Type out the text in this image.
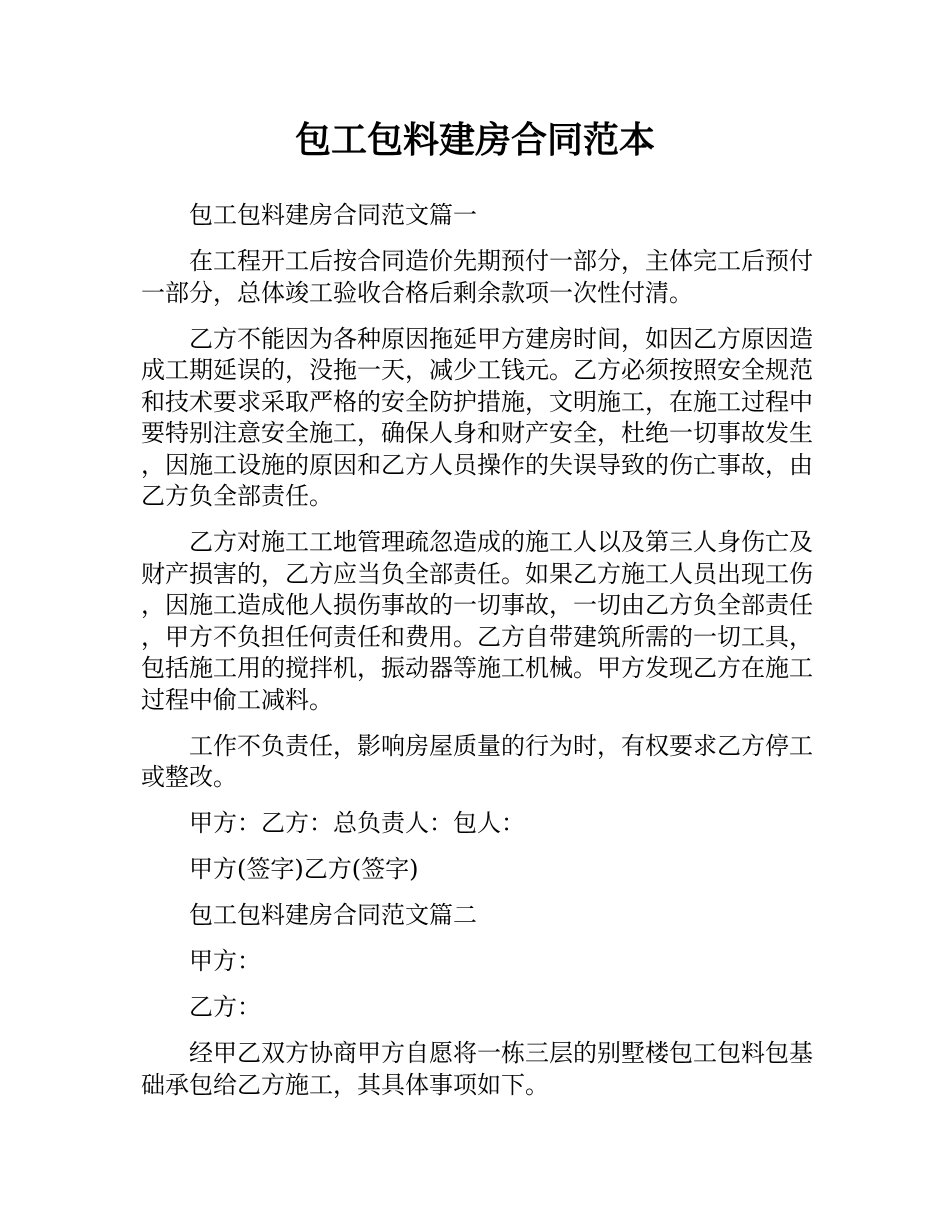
包工包料建房合同范本

包工包料建房合同范文篇一

在工程开工后按合同造价先期预付一部分，主体完工后预付一部分，总体竣工验收合格后剩余款项一次性付清。

乙方不能因为各种原因拖延甲方建房时间，如因乙方原因造成工期延误的，没拖一天，减少工钱元。乙方必须按照安全规范和技术要求采取严格的安全防护措施，文明施工，在施工过程中要特别注意安全施工，确保人身和财产安全，杜绝一切事故发生，因施工设施的原因和乙方人员操作的失误导致的伤亡事故，由乙方负全部责任。

乙方对施工工地管理疏忽造成的施工人以及第三人身伤亡及财产损害的，乙方应当负全部责任。如果乙方施工人员出现工伤，因施工造成他人损伤事故的一切事故，一切由乙方负全部责任，甲方不负担任何责任和费用。乙方自带建筑所需的一切工具，包括施工用的搅拌机，振动器等施工机械。甲方发现乙方在施工过程中偷工减料。

工作不负责任，影响房屋质量的行为时，有权要求乙方停工或整改。

甲方：乙方：总负责人：包人：

甲方(签字)乙方(签字)

包工包料建房合同范文篇二

甲方：

乙方：

经甲乙双方协商甲方自愿将一栋三层的别墅楼包工包料包基础承包给乙方施工，其具体事项如下。
